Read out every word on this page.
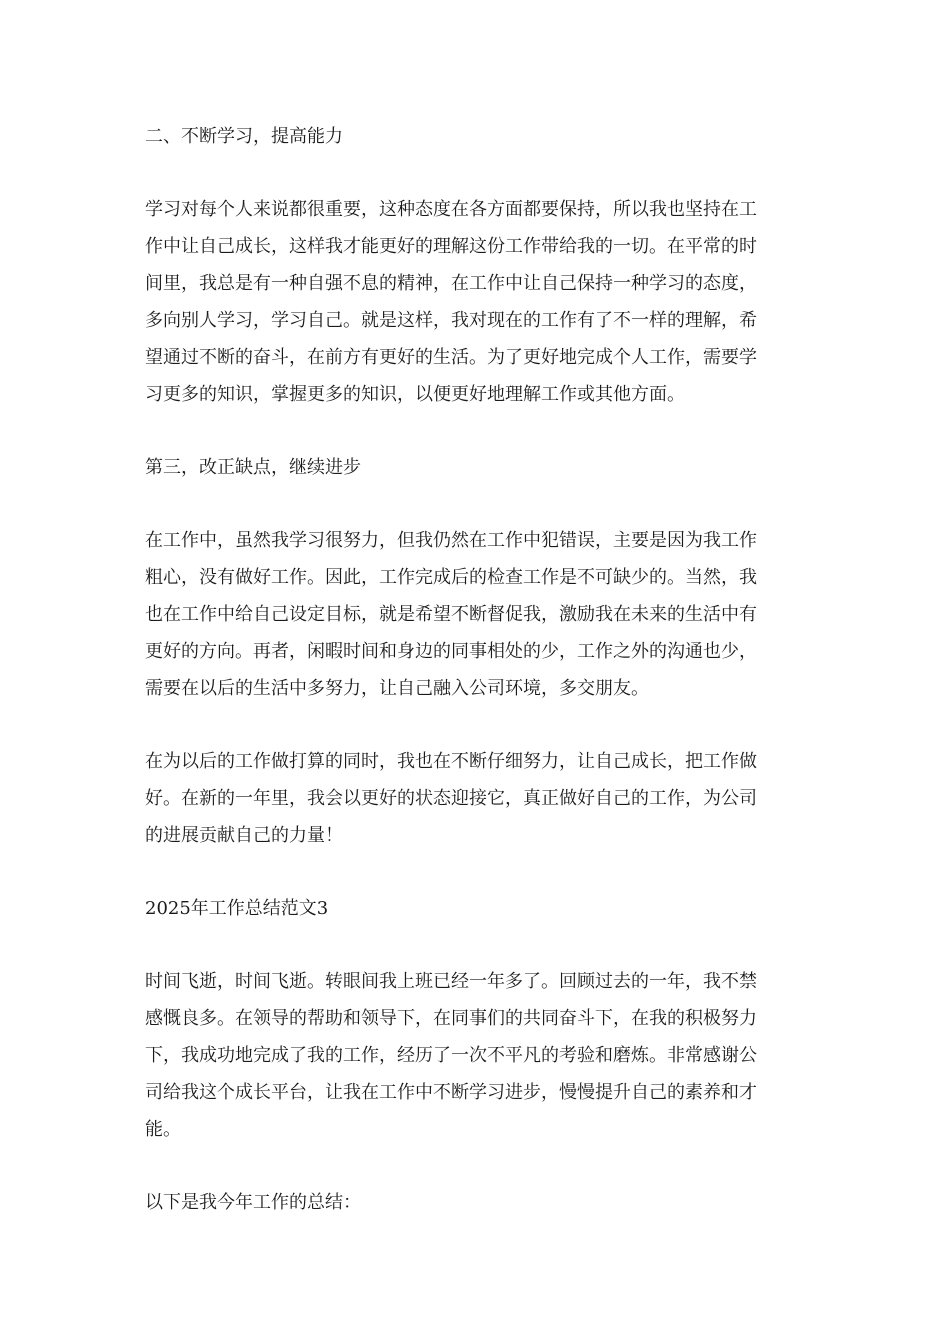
二、不断学习，提高能力
学习对每个人来说都很重要，这种态度在各方面都要保持，所以我也坚持在工
作中让自己成长，这样我才能更好的理解这份工作带给我的一切。在平常的时
间里，我总是有一种自强不息的精神，在工作中让自己保持一种学习的态度，
多向别人学习，学习自己。就是这样，我对现在的工作有了不一样的理解，希
望通过不断的奋斗，在前方有更好的生活。为了更好地完成个人工作，需要学
习更多的知识，掌握更多的知识，以便更好地理解工作或其他方面。
第三，改正缺点，继续进步
在工作中，虽然我学习很努力，但我仍然在工作中犯错误，主要是因为我工作
粗心，没有做好工作。因此，工作完成后的检查工作是不可缺少的。当然，我
也在工作中给自己设定目标，就是希望不断督促我，激励我在未来的生活中有
更好的方向。再者，闲暇时间和身边的同事相处的少，工作之外的沟通也少，
需要在以后的生活中多努力，让自己融入公司环境，多交朋友。
在为以后的工作做打算的同时，我也在不断仔细努力，让自己成长，把工作做
好。在新的一年里，我会以更好的状态迎接它，真正做好自己的工作，为公司
的进展贡献自己的力量！
2025年工作总结范文3
时间飞逝，时间飞逝。转眼间我上班已经一年多了。回顾过去的一年，我不禁
感慨良多。在领导的帮助和领导下，在同事们的共同奋斗下，在我的积极努力
下，我成功地完成了我的工作，经历了一次不平凡的考验和磨炼。非常感谢公
司给我这个成长平台，让我在工作中不断学习进步，慢慢提升自己的素养和才
能。
以下是我今年工作的总结：
